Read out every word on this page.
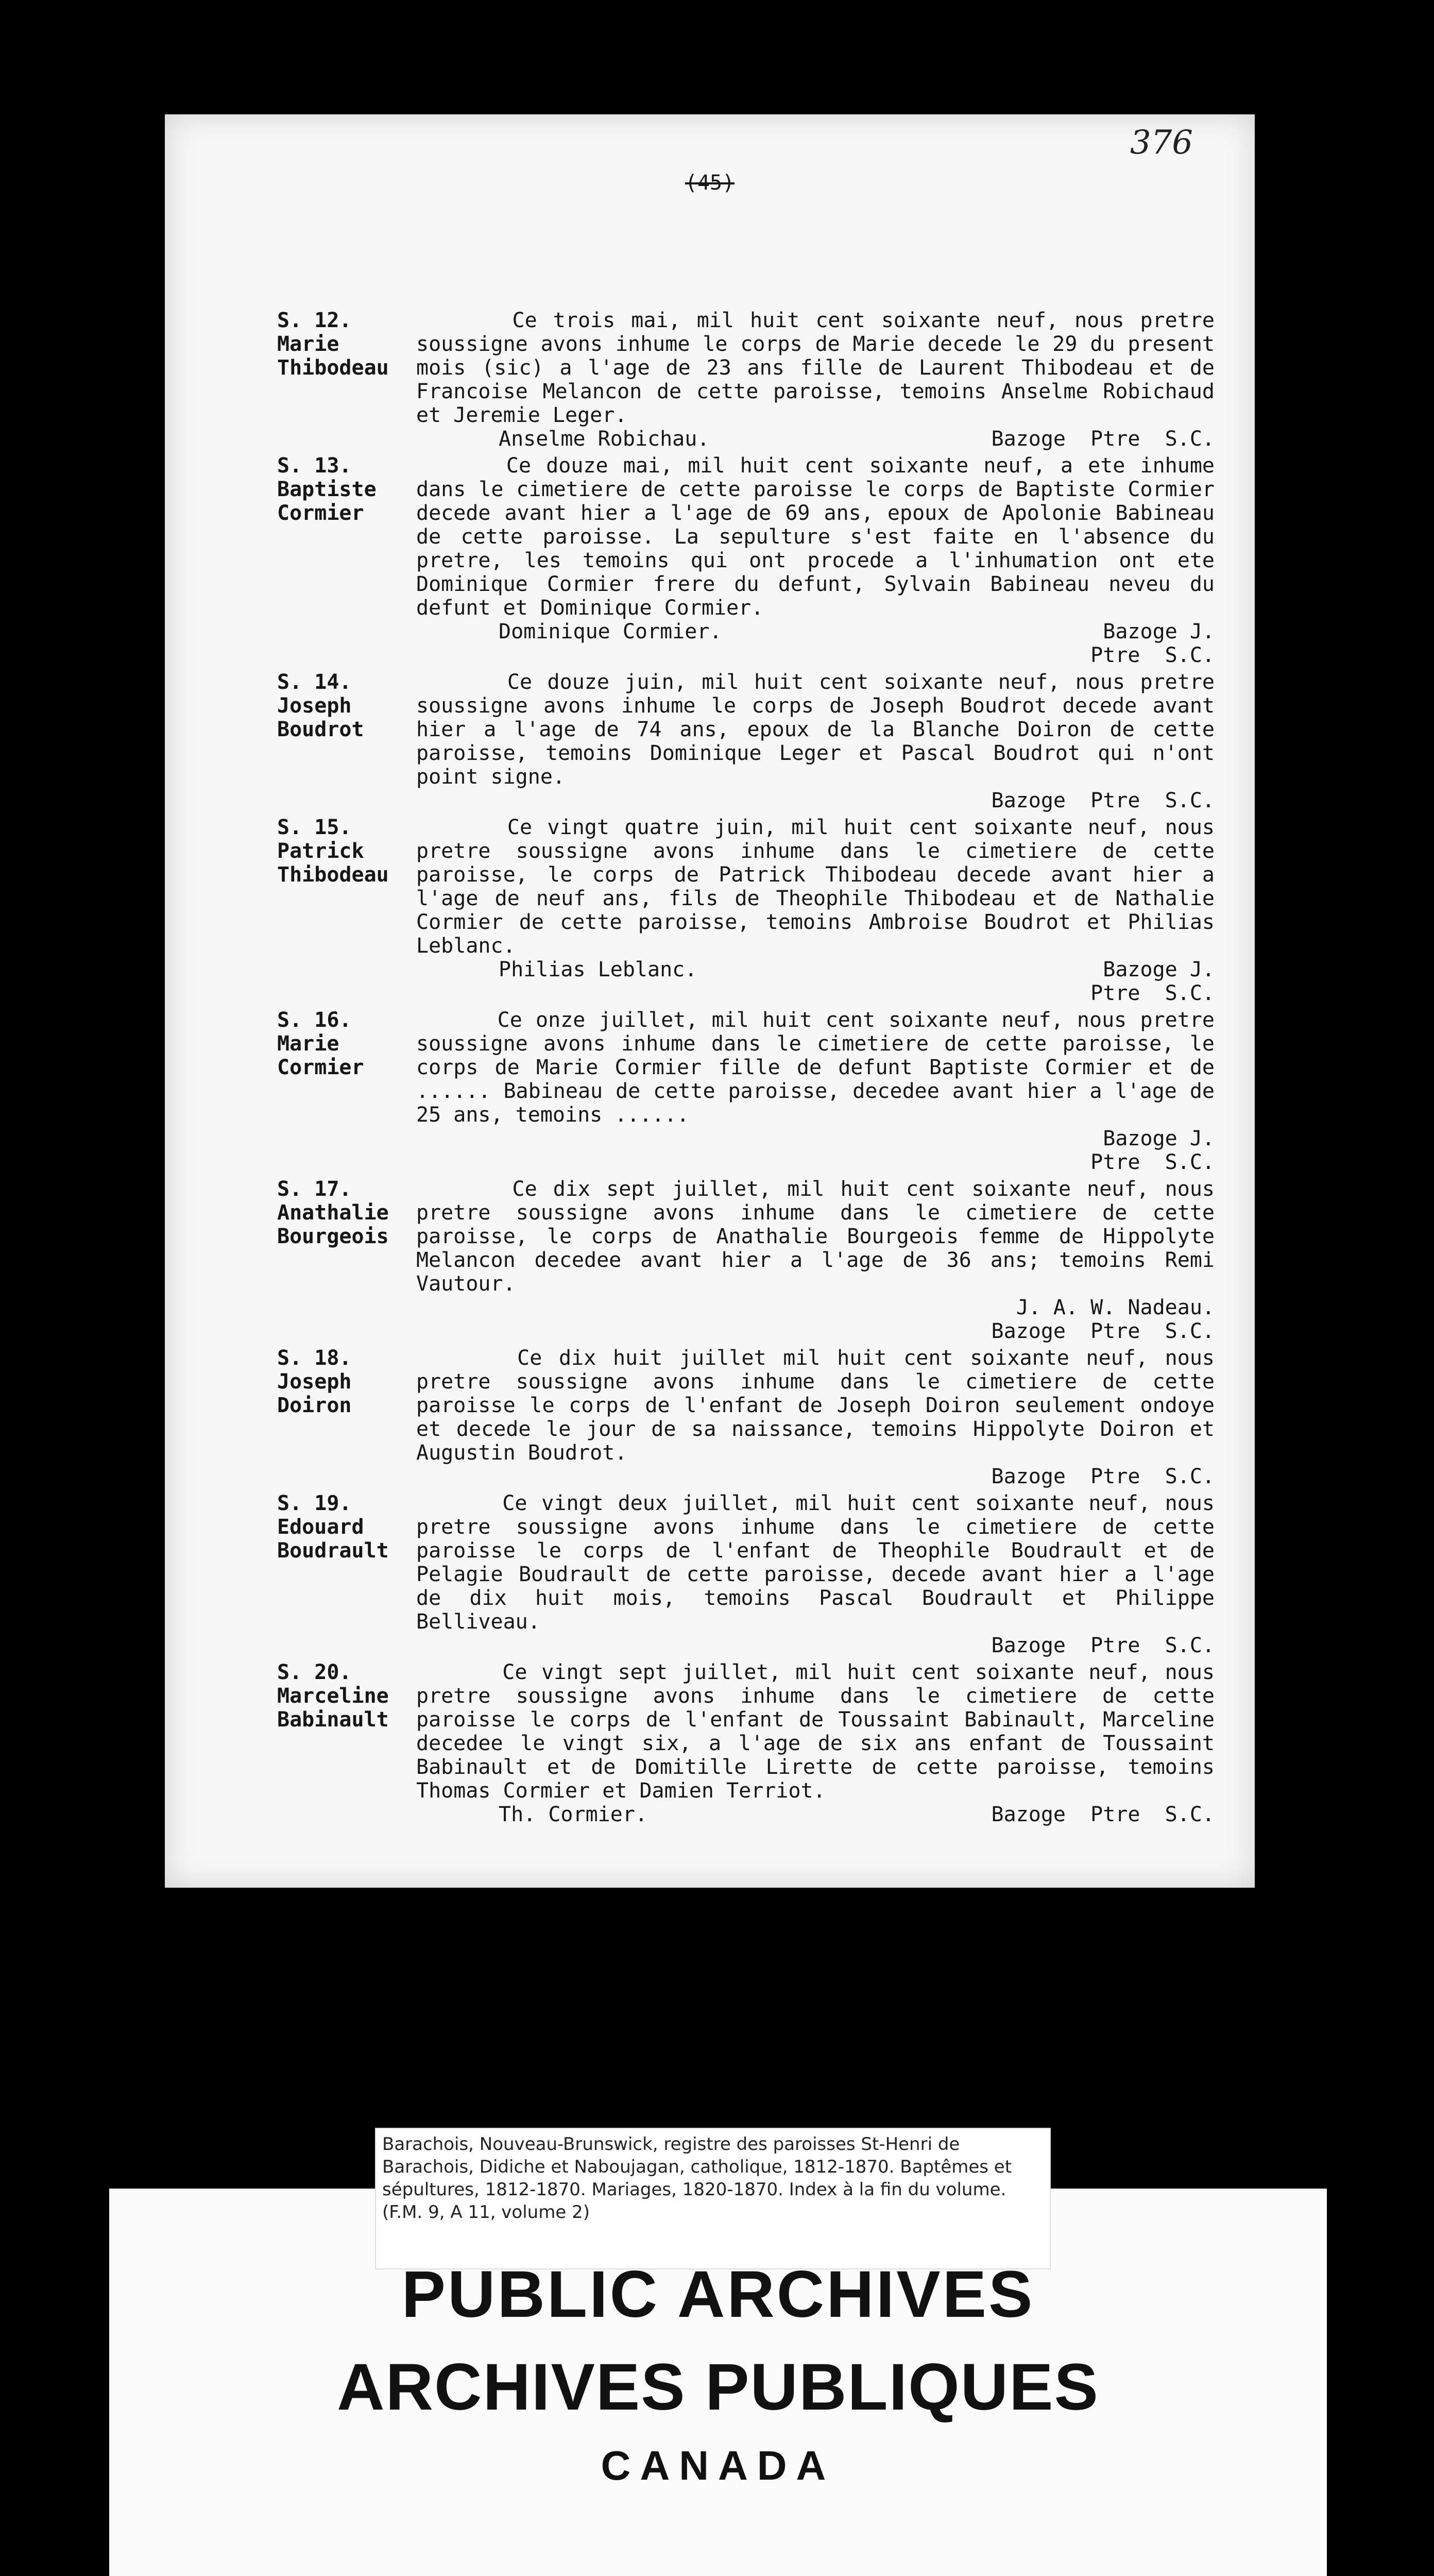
376
(45)
S. 12.
Marie
Thibodeau
Ce trois mai, mil huit cent soixante neuf, nous pretre soussigne avons inhume le corps de Marie decede le 29 du present mois (sic) a l'age de 23 ans fille de Laurent Thibodeau et de Francoise Melancon de cette paroisse, temoins Anselme Robichaud et Jeremie Leger.
Anselme Robichau.	Bazoge  Ptre  S.C.
S. 13.
Baptiste
Cormier
Ce douze mai, mil huit cent soixante neuf, a ete inhume dans le cimetiere de cette paroisse le corps de Baptiste Cormier decede avant hier a l'age de 69 ans, epoux de Apolonie Babineau de cette paroisse. La sepulture s'est faite en l'absence du pretre, les temoins qui ont procede a l'inhumation ont ete Dominique Cormier frere du defunt, Sylvain Babineau neveu du defunt et Dominique Cormier.
Dominique Cormier.	Bazoge J.
Ptre  S.C.
S. 14.
Joseph
Boudrot
Ce douze juin, mil huit cent soixante neuf, nous pretre soussigne avons inhume le corps de Joseph Boudrot decede avant hier a l'age de 74 ans, epoux de la Blanche Doiron de cette paroisse, temoins Dominique Leger et Pascal Boudrot qui n'ont point signe.
Bazoge  Ptre  S.C.
S. 15.
Patrick
Thibodeau
Ce vingt quatre juin, mil huit cent soixante neuf, nous pretre soussigne avons inhume dans le cimetiere de cette paroisse, le corps de Patrick Thibodeau decede avant hier a l'age de neuf ans, fils de Theophile Thibodeau et de Nathalie Cormier de cette paroisse, temoins Ambroise Boudrot et Philias Leblanc.
Philias Leblanc.	Bazoge J.
Ptre  S.C.
S. 16.
Marie
Cormier
Ce onze juillet, mil huit cent soixante neuf, nous pretre soussigne avons inhume dans le cimetiere de cette paroisse, le corps de Marie Cormier fille de defunt Baptiste Cormier et de ...... Babineau de cette paroisse, decedee avant hier a l'age de 25 ans, temoins ......
Bazoge J.
Ptre  S.C.
S. 17.
Anathalie
Bourgeois
Ce dix sept juillet, mil huit cent soixante neuf, nous pretre soussigne avons inhume dans le cimetiere de cette paroisse, le corps de Anathalie Bourgeois femme de Hippolyte Melancon decedee avant hier a l'age de 36 ans; temoins Remi Vautour.
J. A. W. Nadeau.
Bazoge  Ptre  S.C.
S. 18.
Joseph
Doiron
Ce dix huit juillet mil huit cent soixante neuf, nous pretre soussigne avons inhume dans le cimetiere de cette paroisse le corps de l'enfant de Joseph Doiron seulement ondoye et decede le jour de sa naissance, temoins Hippolyte Doiron et Augustin Boudrot.
Bazoge  Ptre  S.C.
S. 19.
Edouard
Boudrault
Ce vingt deux juillet, mil huit cent soixante neuf, nous pretre soussigne avons inhume dans le cimetiere de cette paroisse le corps de l'enfant de Theophile Boudrault et de Pelagie Boudrault de cette paroisse, decede avant hier a l'age de dix huit mois, temoins Pascal Boudrault et Philippe Belliveau.
Bazoge  Ptre  S.C.
S. 20.
Marceline
Babinault
Ce vingt sept juillet, mil huit cent soixante neuf, nous pretre soussigne avons inhume dans le cimetiere de cette paroisse le corps de l'enfant de Toussaint Babinault, Marceline decedee le vingt six, a l'age de six ans enfant de Toussaint Babinault et de Domitille Lirette de cette paroisse, temoins Thomas Cormier et Damien Terriot.
Th. Cormier.	Bazoge  Ptre  S.C.
Barachois, Nouveau-Brunswick, registre des paroisses St-Henri de Barachois, Didiche et Naboujagan, catholique, 1812-1870. Baptêmes et sépultures, 1812-1870. Mariages, 1820-1870. Index à la fin du volume. (F.M. 9, A 11, volume 2)
PUBLIC ARCHIVES
ARCHIVES PUBLIQUES
CANADA
